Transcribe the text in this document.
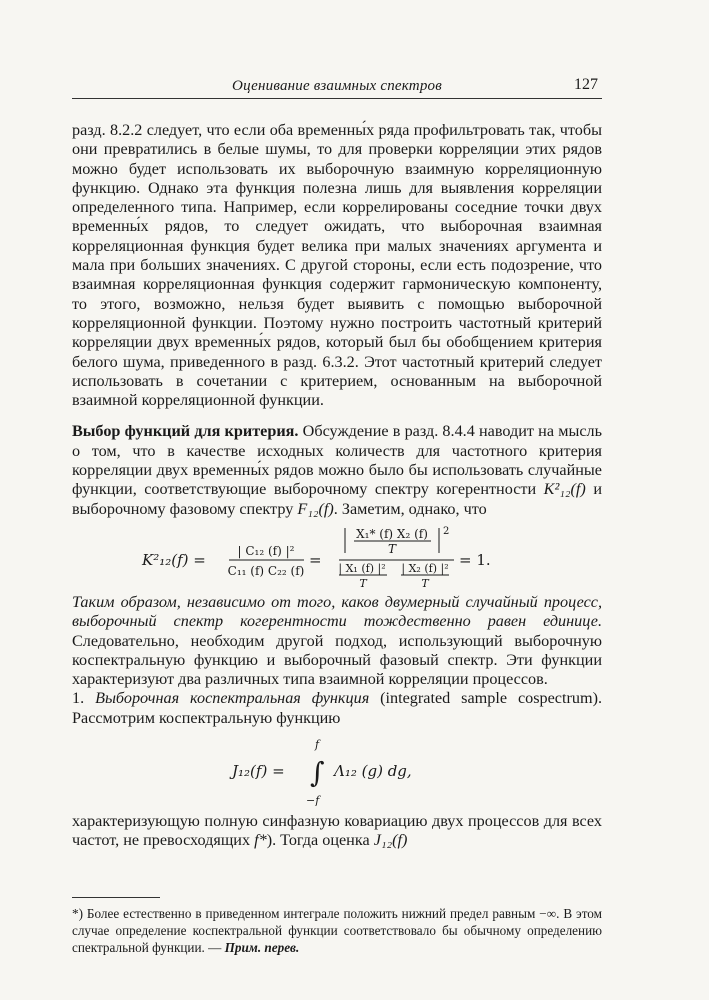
Оценивание взаимных спектров	127

разд. 8.2.2 следует, что если оба временны́х ряда профильтровать так, чтобы они превратились в белые шумы, то для проверки корреляции этих рядов можно будет использовать их выборочную взаимную корреляционную функцию. Однако эта функция полезна лишь для выявления корреляции определенного типа. Например, если коррелированы соседние точки двух временны́х рядов, то следует ожидать, что выборочная взаимная корреляционная функция будет велика при малых значениях аргумента и мала при больших значениях. С другой стороны, если есть подозрение, что взаимная корреляционная функция содержит гармоническую компоненту, то этого, возможно, нельзя будет выявить с помощью выборочной корреляционной функции. Поэтому нужно построить частотный критерий корреляции двух временны́х рядов, который был бы обобщением критерия белого шума, приведенного в разд. 6.3.2. Этот частотный критерий следует использовать в сочетании с критерием, основанным на выборочной взаимной корреляционной функции.

Выбор функций для критерия. Обсуждение в разд. 8.4.4 наводит на мысль о том, что в качестве исходных количеств для частотного критерия корреляции двух временны́х рядов можно было бы использовать случайные функции, соответствующие выборочному спектру когерентности K²₁₂(f) и выборочному фазовому спектру F₁₂(f). Заметим, однако, что

K²₁₂(f) =	| C₁₂ (f) |²
C₁₁ (f) C₂₂ (f)
=
X₁* (f) X₂ (f)
T
2
| X₁ (f) |²
T
| X₂ (f) |²
T
= 1.

Таким образом, независимо от того, каков двумерный случайный процесс, выборочный спектр когерентности тождественно равен единице. Следовательно, необходим другой подход, использующий выборочную коспектральную функцию и выборочный фазовый спектр. Эти функции характеризуют два различных типа взаимной корреляции процессов.

1. Выборочная коспектральная функция (integrated sample cospectrum). Рассмотрим коспектральную функцию

J₁₂(f) =
f
∫
−f
Λ₁₂ (g) dg,

характеризующую полную синфазную ковариацию двух процессов для всех частот, не превосходящих f*). Тогда оценка J₁₂(f)

*) Более естественно в приведенном интеграле положить нижний предел равным −∞. В этом случае определение коспектральной функции соответствовало бы обычному определению спектральной функции. — Прим. перев.
